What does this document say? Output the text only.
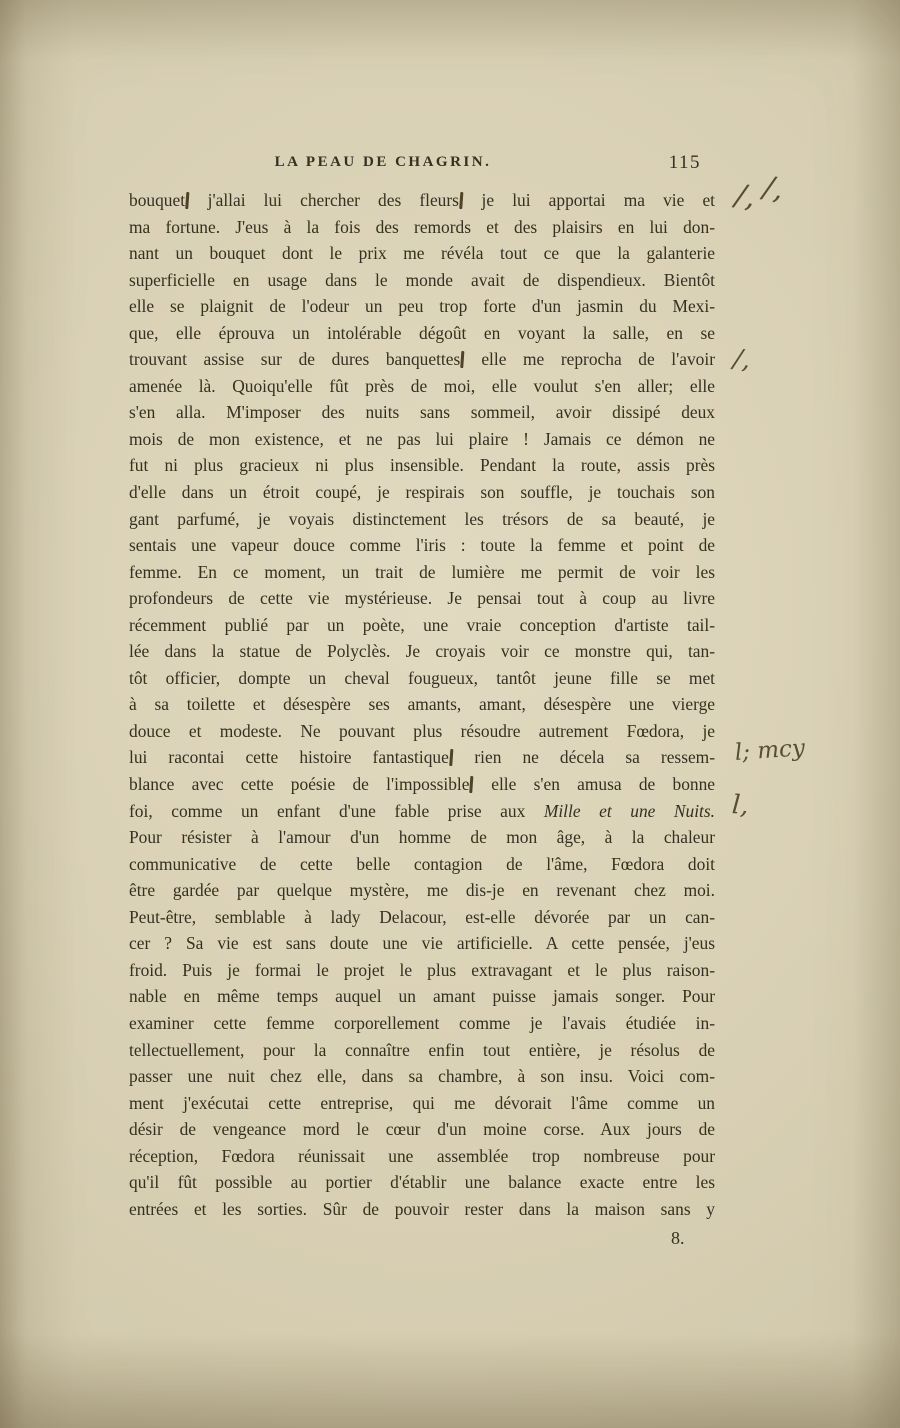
LA PEAU DE CHAGRIN.	115
bouquet j'allai lui chercher des fleurs je lui apportai ma vie et
ma fortune. J'eus à la fois des remords et des plaisirs en lui don-
nant un bouquet dont le prix me révéla tout ce que la galanterie
superficielle en usage dans le monde avait de dispendieux. Bientôt
elle se plaignit de l'odeur un peu trop forte d'un jasmin du Mexi-
que, elle éprouva un intolérable dégoût en voyant la salle, en se
trouvant assise sur de dures banquettes elle me reprocha de l'avoir
amenée là. Quoiqu'elle fût près de moi, elle voulut s'en aller; elle
s'en alla. M'imposer des nuits sans sommeil, avoir dissipé deux
mois de mon existence, et ne pas lui plaire ! Jamais ce démon ne
fut ni plus gracieux ni plus insensible. Pendant la route, assis près
d'elle dans un étroit coupé, je respirais son souffle, je touchais son
gant parfumé, je voyais distinctement les trésors de sa beauté, je
sentais une vapeur douce comme l'iris : toute la femme et point de
femme. En ce moment, un trait de lumière me permit de voir les
profondeurs de cette vie mystérieuse. Je pensai tout à coup au livre
récemment publié par un poète, une vraie conception d'artiste tail-
lée dans la statue de Polyclès. Je croyais voir ce monstre qui, tan-
tôt officier, dompte un cheval fougueux, tantôt jeune fille se met
à sa toilette et désespère ses amants, amant, désespère une vierge
douce et modeste. Ne pouvant plus résoudre autrement Fœdora, je
lui racontai cette histoire fantastique rien ne décela sa ressem-
blance avec cette poésie de l'impossible elle s'en amusa de bonne
foi, comme un enfant d'une fable prise aux Mille et une Nuits.
Pour résister à l'amour d'un homme de mon âge, à la chaleur
communicative de cette belle contagion de l'âme, Fœdora doit
être gardée par quelque mystère, me dis-je en revenant chez moi.
Peut-être, semblable à lady Delacour, est-elle dévorée par un can-
cer ? Sa vie est sans doute une vie artificielle. A cette pensée, j'eus
froid. Puis je formai le projet le plus extravagant et le plus raison-
nable en même temps auquel un amant puisse jamais songer. Pour
examiner cette femme corporellement comme je l'avais étudiée in-
tellectuellement, pour la connaître enfin tout entière, je résolus de
passer une nuit chez elle, dans sa chambre, à son insu. Voici com-
ment j'exécutai cette entreprise, qui me dévorait l'âme comme un
désir de vengeance mord le cœur d'un moine corse. Aux jours de
réception, Fœdora réunissait une assemblée trop nombreuse pour
qu'il fût possible au portier d'établir une balance exacte entre les
entrées et les sorties. Sûr de pouvoir rester dans la maison sans y
8.
/, /,
/,
l; mcy
l,
